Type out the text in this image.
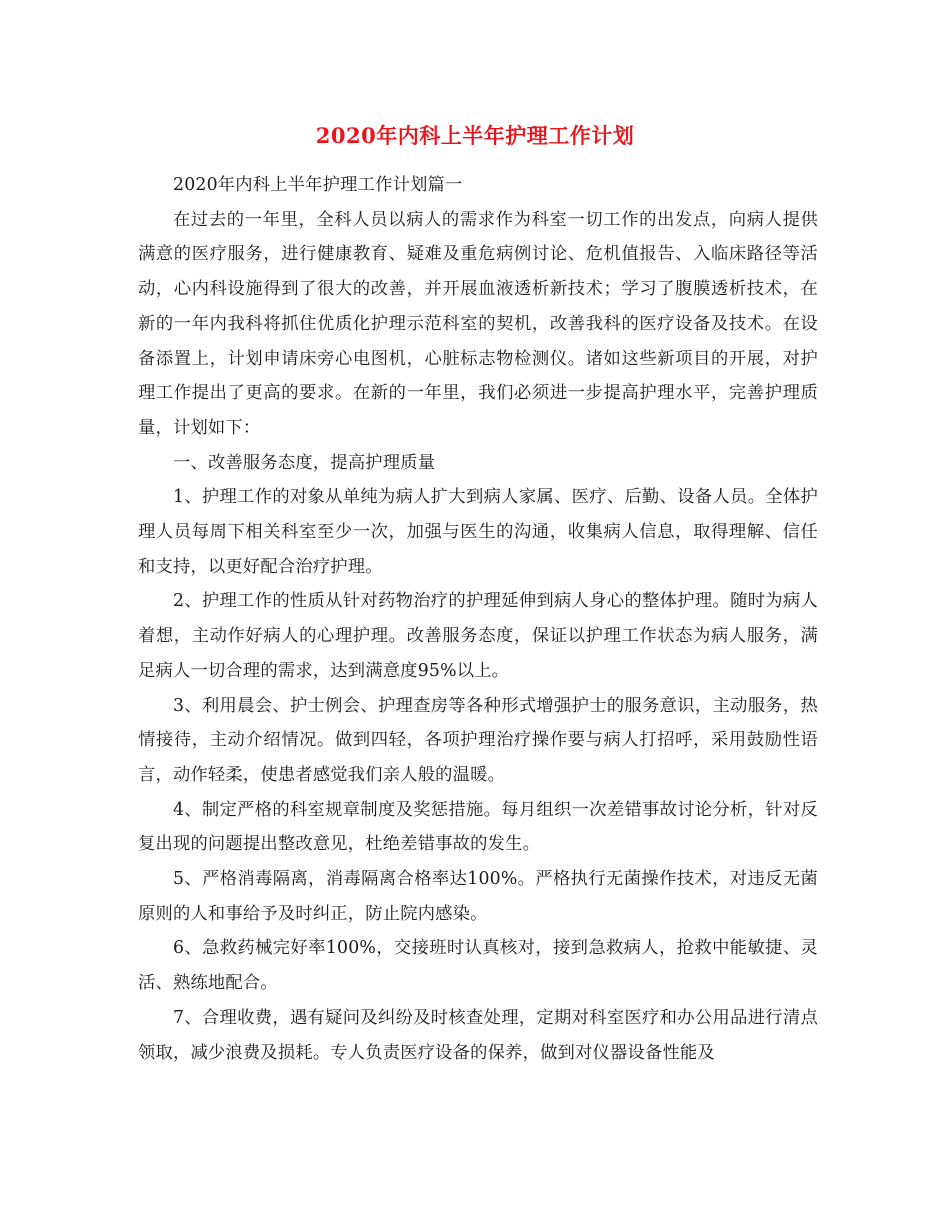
2020年内科上半年护理工作计划

2020年内科上半年护理工作计划篇一

在过去的一年里，全科人员以病人的需求作为科室一切工作的出发点，向病人提供满意的医疗服务，进行健康教育、疑难及重危病例讨论、危机值报告、入临床路径等活动，心内科设施得到了很大的改善，并开展血液透析新技术；学习了腹膜透析技术，在新的一年内我科将抓住优质化护理示范科室的契机，改善我科的医疗设备及技术。在设备添置上，计划申请床旁心电图机，心脏标志物检测仪。诸如这些新项目的开展，对护理工作提出了更高的要求。在新的一年里，我们必须进一步提高护理水平，完善护理质量，计划如下：

一、改善服务态度，提高护理质量

1、护理工作的对象从单纯为病人扩大到病人家属、医疗、后勤、设备人员。全体护理人员每周下相关科室至少一次，加强与医生的沟通，收集病人信息，取得理解、信任和支持，以更好配合治疗护理。

2、护理工作的性质从针对药物治疗的护理延伸到病人身心的整体护理。随时为病人着想，主动作好病人的心理护理。改善服务态度，保证以护理工作状态为病人服务，满足病人一切合理的需求，达到满意度95%以上。

3、利用晨会、护士例会、护理查房等各种形式增强护士的服务意识，主动服务，热情接待，主动介绍情况。做到四轻，各项护理治疗操作要与病人打招呼，采用鼓励性语言，动作轻柔，使患者感觉我们亲人般的温暖。

4、制定严格的科室规章制度及奖惩措施。每月组织一次差错事故讨论分析，针对反复出现的问题提出整改意见，杜绝差错事故的发生。

5、严格消毒隔离，消毒隔离合格率达100%。严格执行无菌操作技术，对违反无菌原则的人和事给予及时纠正，防止院内感染。

6、急救药械完好率100%，交接班时认真核对，接到急救病人，抢救中能敏捷、灵活、熟练地配合。

7、合理收费，遇有疑问及纠纷及时核查处理，定期对科室医疗和办公用品进行清点领取，减少浪费及损耗。专人负责医疗设备的保养，做到对仪器设备性能及
